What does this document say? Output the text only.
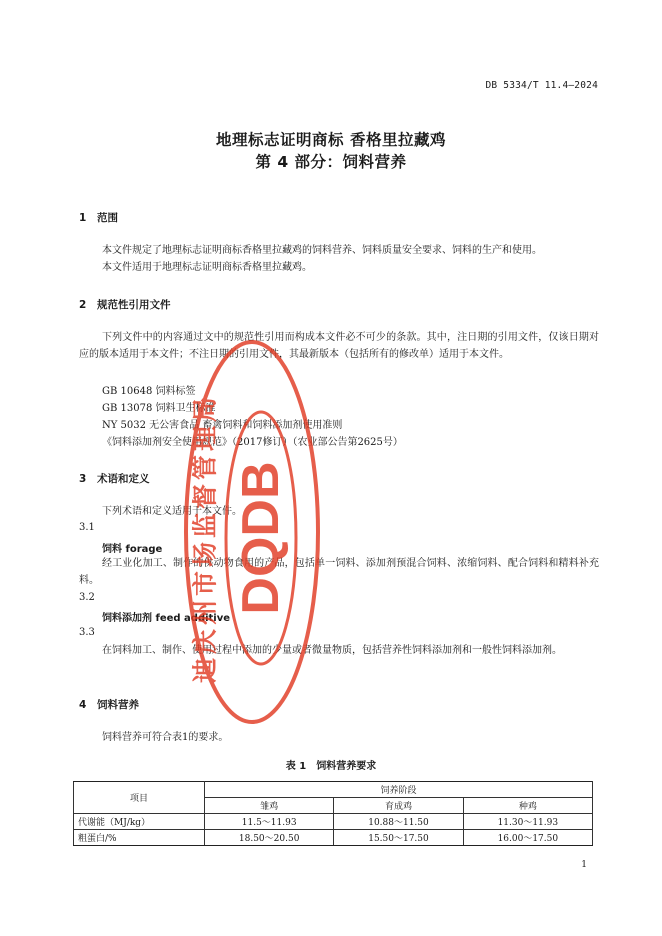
DB 5334/T 11.4—2024
地理标志证明商标 香格里拉藏鸡
第 4 部分：饲料营养
1 范围
本文件规定了地理标志证明商标香格里拉藏鸡的饲料营养、饲料质量安全要求、饲料的生产和使用。
本文件适用于地理标志证明商标香格里拉藏鸡。
2 规范性引用文件
下列文件中的内容通过文中的规范性引用而构成本文件必不可少的条款。其中，注日期的引用文件，仅该日期对应的版本适用于本文件；不注日期的引用文件，其最新版本（包括所有的修改单）适用于本文件。
GB 10648 饲料标签
GB 13078 饲料卫生标准
NY 5032 无公害食品 畜禽饲料和饲料添加剂使用准则
《饲料添加剂安全使用规范》（2017修订）（农业部公告第2625号）
3 术语和定义
下列术语和定义适用于本文件。
3.1
饲料 forage
经工业化加工、制作的供动物食用的产品，包括单一饲料、添加剂预混合饲料、浓缩饲料、配合饲料和精料补充料。
3.2
饲料添加剂 feed additive
3.3
在饲料加工、制作、使用过程中添加的少量或者微量物质，包括营养性饲料添加剂和一般性饲料添加剂。
4 饲料营养
饲料营养可符合表1的要求。
表 1　饲料营养要求
项目	饲养阶段		
	雏鸡	育成鸡	种鸡
代谢能（MJ/kg）	11.5～11.93	10.88～11.50	11.30～11.93
粗蛋白/%	18.50～20.50	15.50～17.50	16.00～17.50
1
DQDB
迪庆州市场监督管理局
